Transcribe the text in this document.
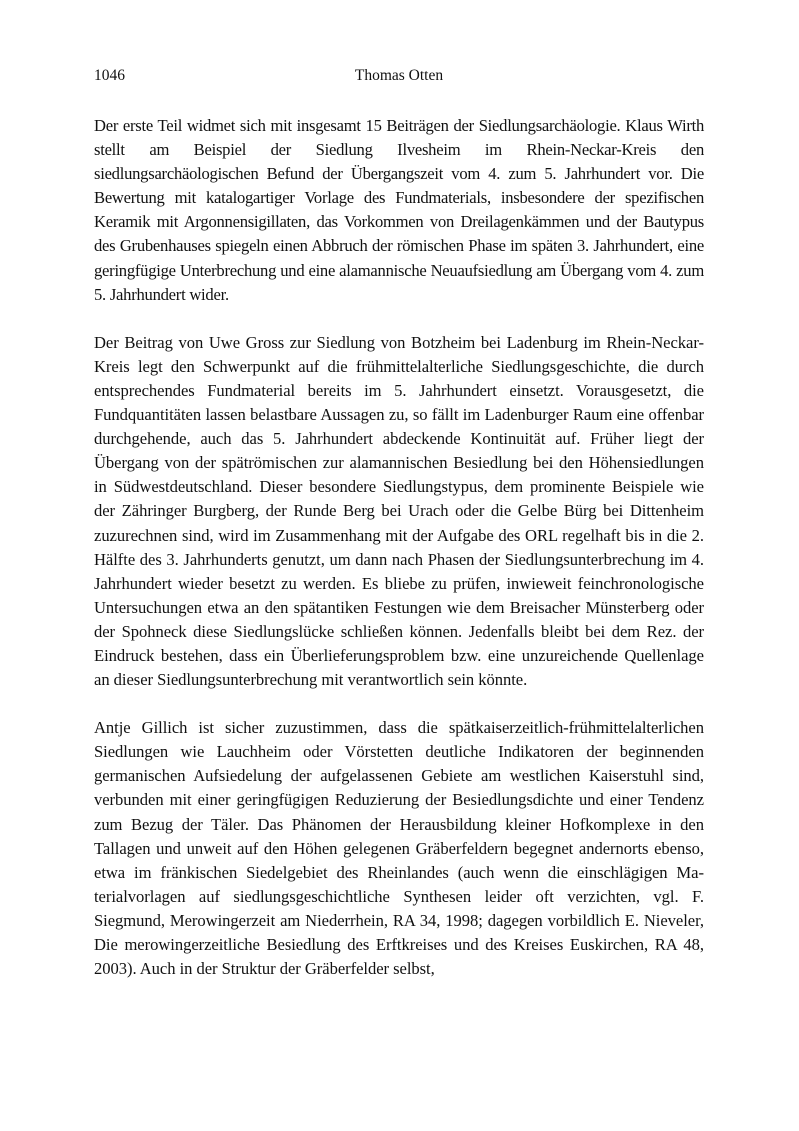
1046	Thomas Otten

Der erste Teil widmet sich mit insgesamt 15 Beiträgen der Siedlungsarchäologie. Klaus Wirth stellt am Beispiel der Siedlung Ilvesheim im Rhein-Neckar-Kreis den siedlungsarchäologischen Befund der Übergangszeit vom 4. zum 5. Jahrhundert vor. Die Bewertung mit katalogartiger Vorlage des Fundmaterials, insbesondere der spezifischen Keramik mit Argonnensigillaten, das Vorkommen von Dreilagenkämmen und der Bautypus des Grubenhauses spiegeln einen Abbruch der römischen Phase im späten 3. Jahrhundert, eine geringfügige Unterbrechung und eine alamannische Neuaufsiedlung am Übergang vom 4. zum 5. Jahrhundert wider.

Der Beitrag von Uwe Gross zur Siedlung von Botzheim bei Ladenburg im Rhein-Neckar-Kreis legt den Schwerpunkt auf die frühmittelalterliche Siedlungsgeschichte, die durch entsprechendes Fundmaterial bereits im 5. Jahrhundert einsetzt. Vorausgesetzt, die Fundquantitäten lassen belastbare Aussagen zu, so fällt im Ladenburger Raum eine offenbar durchgehende, auch das 5. Jahrhundert abdeckende Kontinuität auf. Früher liegt der Übergang von der spätrömischen zur alamannischen Besiedlung bei den Höhensiedlungen in Südwestdeutschland. Dieser besondere Siedlungstypus, dem prominente Beispiele wie der Zähringer Burgberg, der Runde Berg bei Urach oder die Gelbe Bürg bei Dittenheim zuzurechnen sind, wird im Zusammenhang mit der Aufgabe des ORL regelhaft bis in die 2. Hälfte des 3. Jahrhunderts genutzt, um dann nach Phasen der Siedlungsunterbrechung im 4. Jahrhundert wieder besetzt zu werden. Es bliebe zu prüfen, inwieweit feinchronologische Untersuchungen etwa an den spätantiken Festungen wie dem Breisacher Münsterberg oder der Spohneck diese Siedlungslücke schließen können. Jedenfalls bleibt bei dem Rez. der Eindruck bestehen, dass ein Überlieferungsproblem bzw. eine unzureichende Quellenlage an dieser Siedlungsunterbrechung mit verantwortlich sein könnte.

Antje Gillich ist sicher zuzustimmen, dass die spätkaiserzeitlich-frühmittelalterlichen Siedlungen wie Lauchheim oder Vörstetten deutliche Indikatoren der beginnenden germanischen Aufsiedelung der aufgelassenen Gebiete am westlichen Kaiserstuhl sind, verbunden mit einer geringfügigen Reduzierung der Besiedlungsdichte und einer Tendenz zum Bezug der Täler. Das Phänomen der Herausbildung kleiner Hofkomplexe in den Tallagen und unweit auf den Höhen gelegenen Gräberfeldern begegnet andernorts ebenso, etwa im fränkischen Siedelgebiet des Rheinlandes (auch wenn die einschlägigen Materialvorlagen auf siedlungsgeschichtliche Synthesen leider oft verzichten, vgl. F. Siegmund, Merowingerzeit am Niederrhein, RA 34, 1998; dagegen vorbildlich E. Nieveler, Die merowingerzeitliche Besiedlung des Erftkreises und des Kreises Euskirchen, RA 48, 2003). Auch in der Struktur der Gräberfelder selbst,
